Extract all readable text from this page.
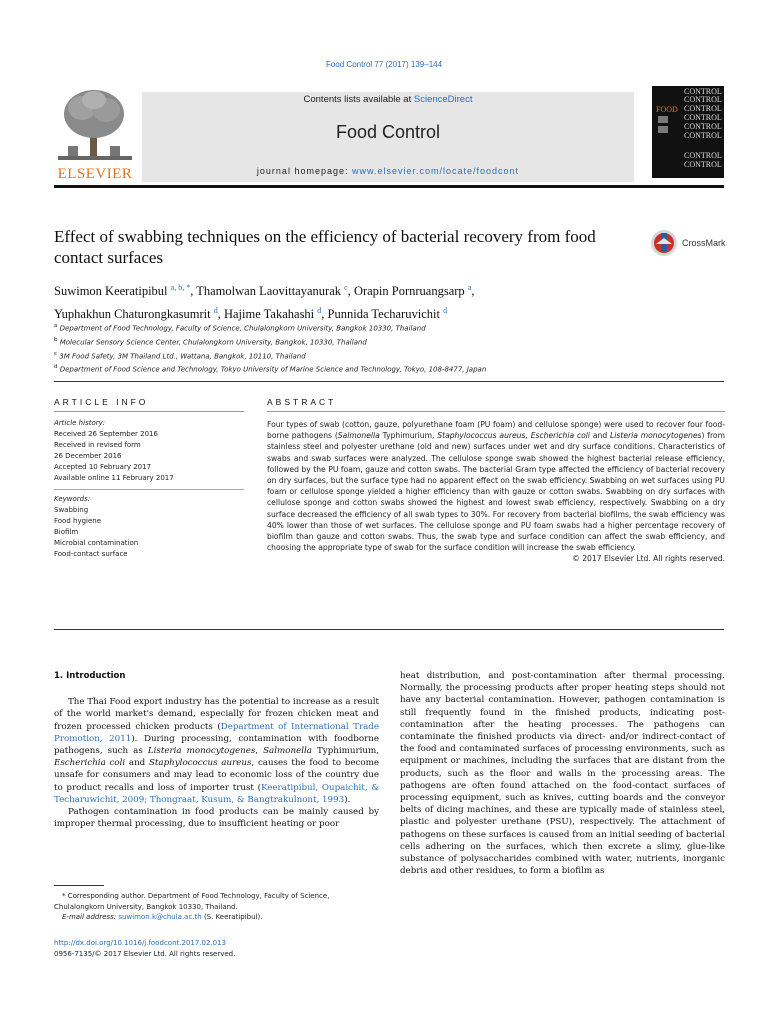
Food Control 77 (2017) 139–144
ELSEVIER
Contents lists available at ScienceDirect
Food Control
journal homepage: www.elsevier.com/locate/foodcont
CONTROL
CONTROL
FOOD CONTROL
CONTROL
CONTROL
CONTROL
CONTROL
CONTROL
Effect of swabbing techniques on the efficiency of bacterial recovery from food contact surfaces
CrossMark
Suwimon Keeratipibul $^{a, b, *}$, Thamolwan Laovittayanurak $^c$, Orapin Pornruangsarp $^a$,
Yuphakhun Chaturongkasumrit $^d$, Hajime Takahashi $^d$, Punnida Techaruvichit $^d$
$^a$ Department of Food Technology, Faculty of Science, Chulalongkorn University, Bangkok 10330, Thailand
$^b$ Molecular Sensory Science Center, Chulalongkorn University, Bangkok, 10330, Thailand
$^c$ 3M Food Safety, 3M Thailand Ltd., Wattana, Bangkok, 10110, Thailand
$^d$ Department of Food Science and Technology, Tokyo University of Marine Science and Technology, Tokyo, 108-8477, Japan
ARTICLE INFO	ABSTRACT
Article history:
Received 26 September 2016
Received in revised form
26 December 2016
Accepted 10 February 2017
Available online 11 February 2017
Keywords:
Swabbing
Food hygiene
Biofilm
Microbial contamination
Food-contact surface
Four types of swab (cotton, gauze, polyurethane foam (PU foam) and cellulose sponge) were used to recover four food-borne pathogens (Salmonella Typhimurium, Staphylococcus aureus, Escherichia coli and Listeria monocytogenes) from stainless steel and polyester urethane (old and new) surfaces under wet and dry surface conditions. Characteristics of swabs and swab surfaces were analyzed. The cellulose sponge swab showed the highest bacterial release efficiency, followed by the PU foam, gauze and cotton swabs. The bacterial Gram type affected the efficiency of bacterial recovery on dry surfaces, but the surface type had no apparent effect on the swab efficiency. Swabbing on wet surfaces using PU foam or cellulose sponge yielded a higher efficiency than with gauze or cotton swabs. Swabbing on dry surfaces with cellulose sponge and cotton swabs showed the highest and lowest swab efficiency, respectively. Swabbing on a dry surface decreased the efficiency of all swab types to 30%. For recovery from bacterial biofilms, the swab efficiency was 40% lower than those of wet surfaces. The cellulose sponge and PU foam swabs had a higher percentage recovery of biofilm than gauze and cotton swabs. Thus, the swab type and surface condition can affect the swab efficiency, and choosing the appropriate type of swab for the surface condition will increase the swab efficiency.
© 2017 Elsevier Ltd. All rights reserved.
1. Introduction

The Thai Food export industry has the potential to increase as a result of the world market's demand, especially for frozen chicken meat and frozen processed chicken products (Department of International Trade Promotion, 2011). During processing, contamination with foodborne pathogens, such as Listeria monocytogenes, Salmonella Typhimurium, Escherichia coli and Staphylococcus aureus, causes the food to become unsafe for consumers and may lead to economic loss of the country due to product recalls and loss of importer trust (Keeratipibul, Oupaichit, & Techaruwichit, 2009; Thongraat, Kusum, & Bangtrakulnont, 1993).

Pathogen contamination in food products can be mainly caused by improper thermal processing, due to insufficient heating or poor

heat distribution, and post-contamination after thermal processing. Normally, the processing products after proper heating steps should not have any bacterial contamination. However, pathogen contamination is still frequently found in the finished products, indicating post-contamination after the heating processes. The pathogens can contaminate the finished products via direct- and/or indirect-contact of the food and contaminated surfaces of processing environments, such as equipment or machines, including the surfaces that are distant from the products, such as the floor and walls in the processing areas. The pathogens are often found attached on the food-contact surfaces of processing equipment, such as knives, cutting boards and the conveyor belts of dicing machines, and these are typically made of stainless steel, plastic and polyester urethane (PSU), respectively. The attachment of pathogens on these surfaces is caused from an initial seeding of bacterial cells adhering on the surfaces, which then excrete a slimy, glue-like substance of polysaccharides combined with water, nutrients, inorganic debris and other residues, to form a biofilm as

* Corresponding author. Department of Food Technology, Faculty of Science, Chulalongkorn University, Bangkok 10330, Thailand.
E-mail address: suwimon.k@chula.ac.th (S. Keeratipibul).
http://dx.doi.org/10.1016/j.foodcont.2017.02.013
0956-7135/© 2017 Elsevier Ltd. All rights reserved.
